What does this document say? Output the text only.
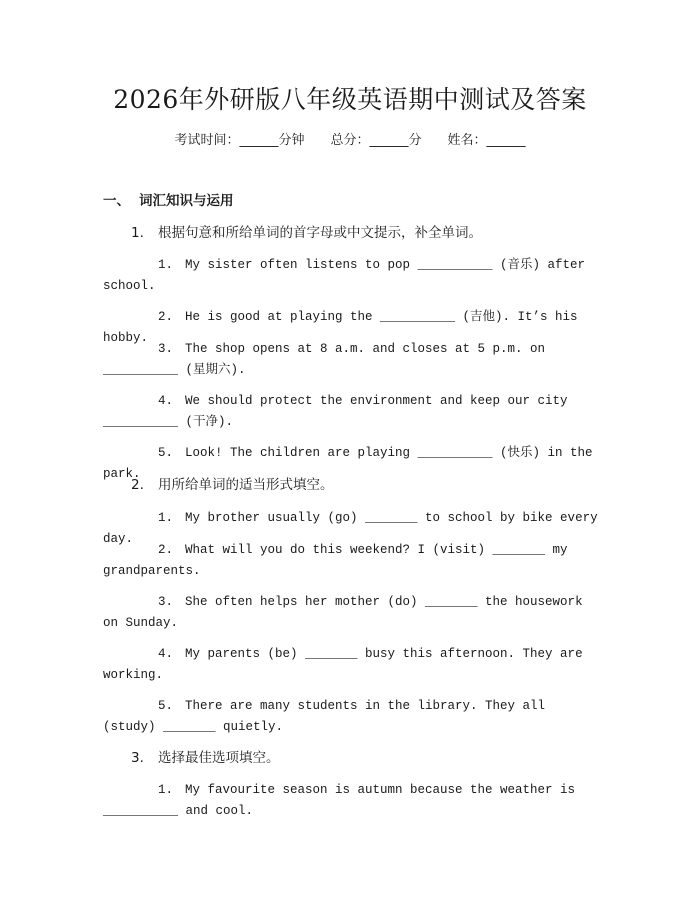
2026年外研版八年级英语期中测试及答案
考试时间：______分钟 总分：______分 姓名：______
一、 词汇知识与运用
1. 根据句意和所给单词的首字母或中文提示，补全单词。
1. My sister often listens to pop __________ (音乐) after school.
2. He is good at playing the __________ (吉他). It’s his hobby.
3. The shop opens at 8 a.m. and closes at 5 p.m. on __________ (星期六).
4. We should protect the environment and keep our city __________ (干净).
5. Look! The children are playing __________ (快乐) in the park.
2. 用所给单词的适当形式填空。
1. My brother usually (go) _______ to school by bike every day.
2. What will you do this weekend? I (visit) _______ my grandparents.
3. She often helps her mother (do) _______ the housework on Sunday.
4. My parents (be) _______ busy this afternoon. They are working.
5. There are many students in the library. They all (study) _______ quietly.
3. 选择最佳选项填空。
1. My favourite season is autumn because the weather is __________ and cool.
